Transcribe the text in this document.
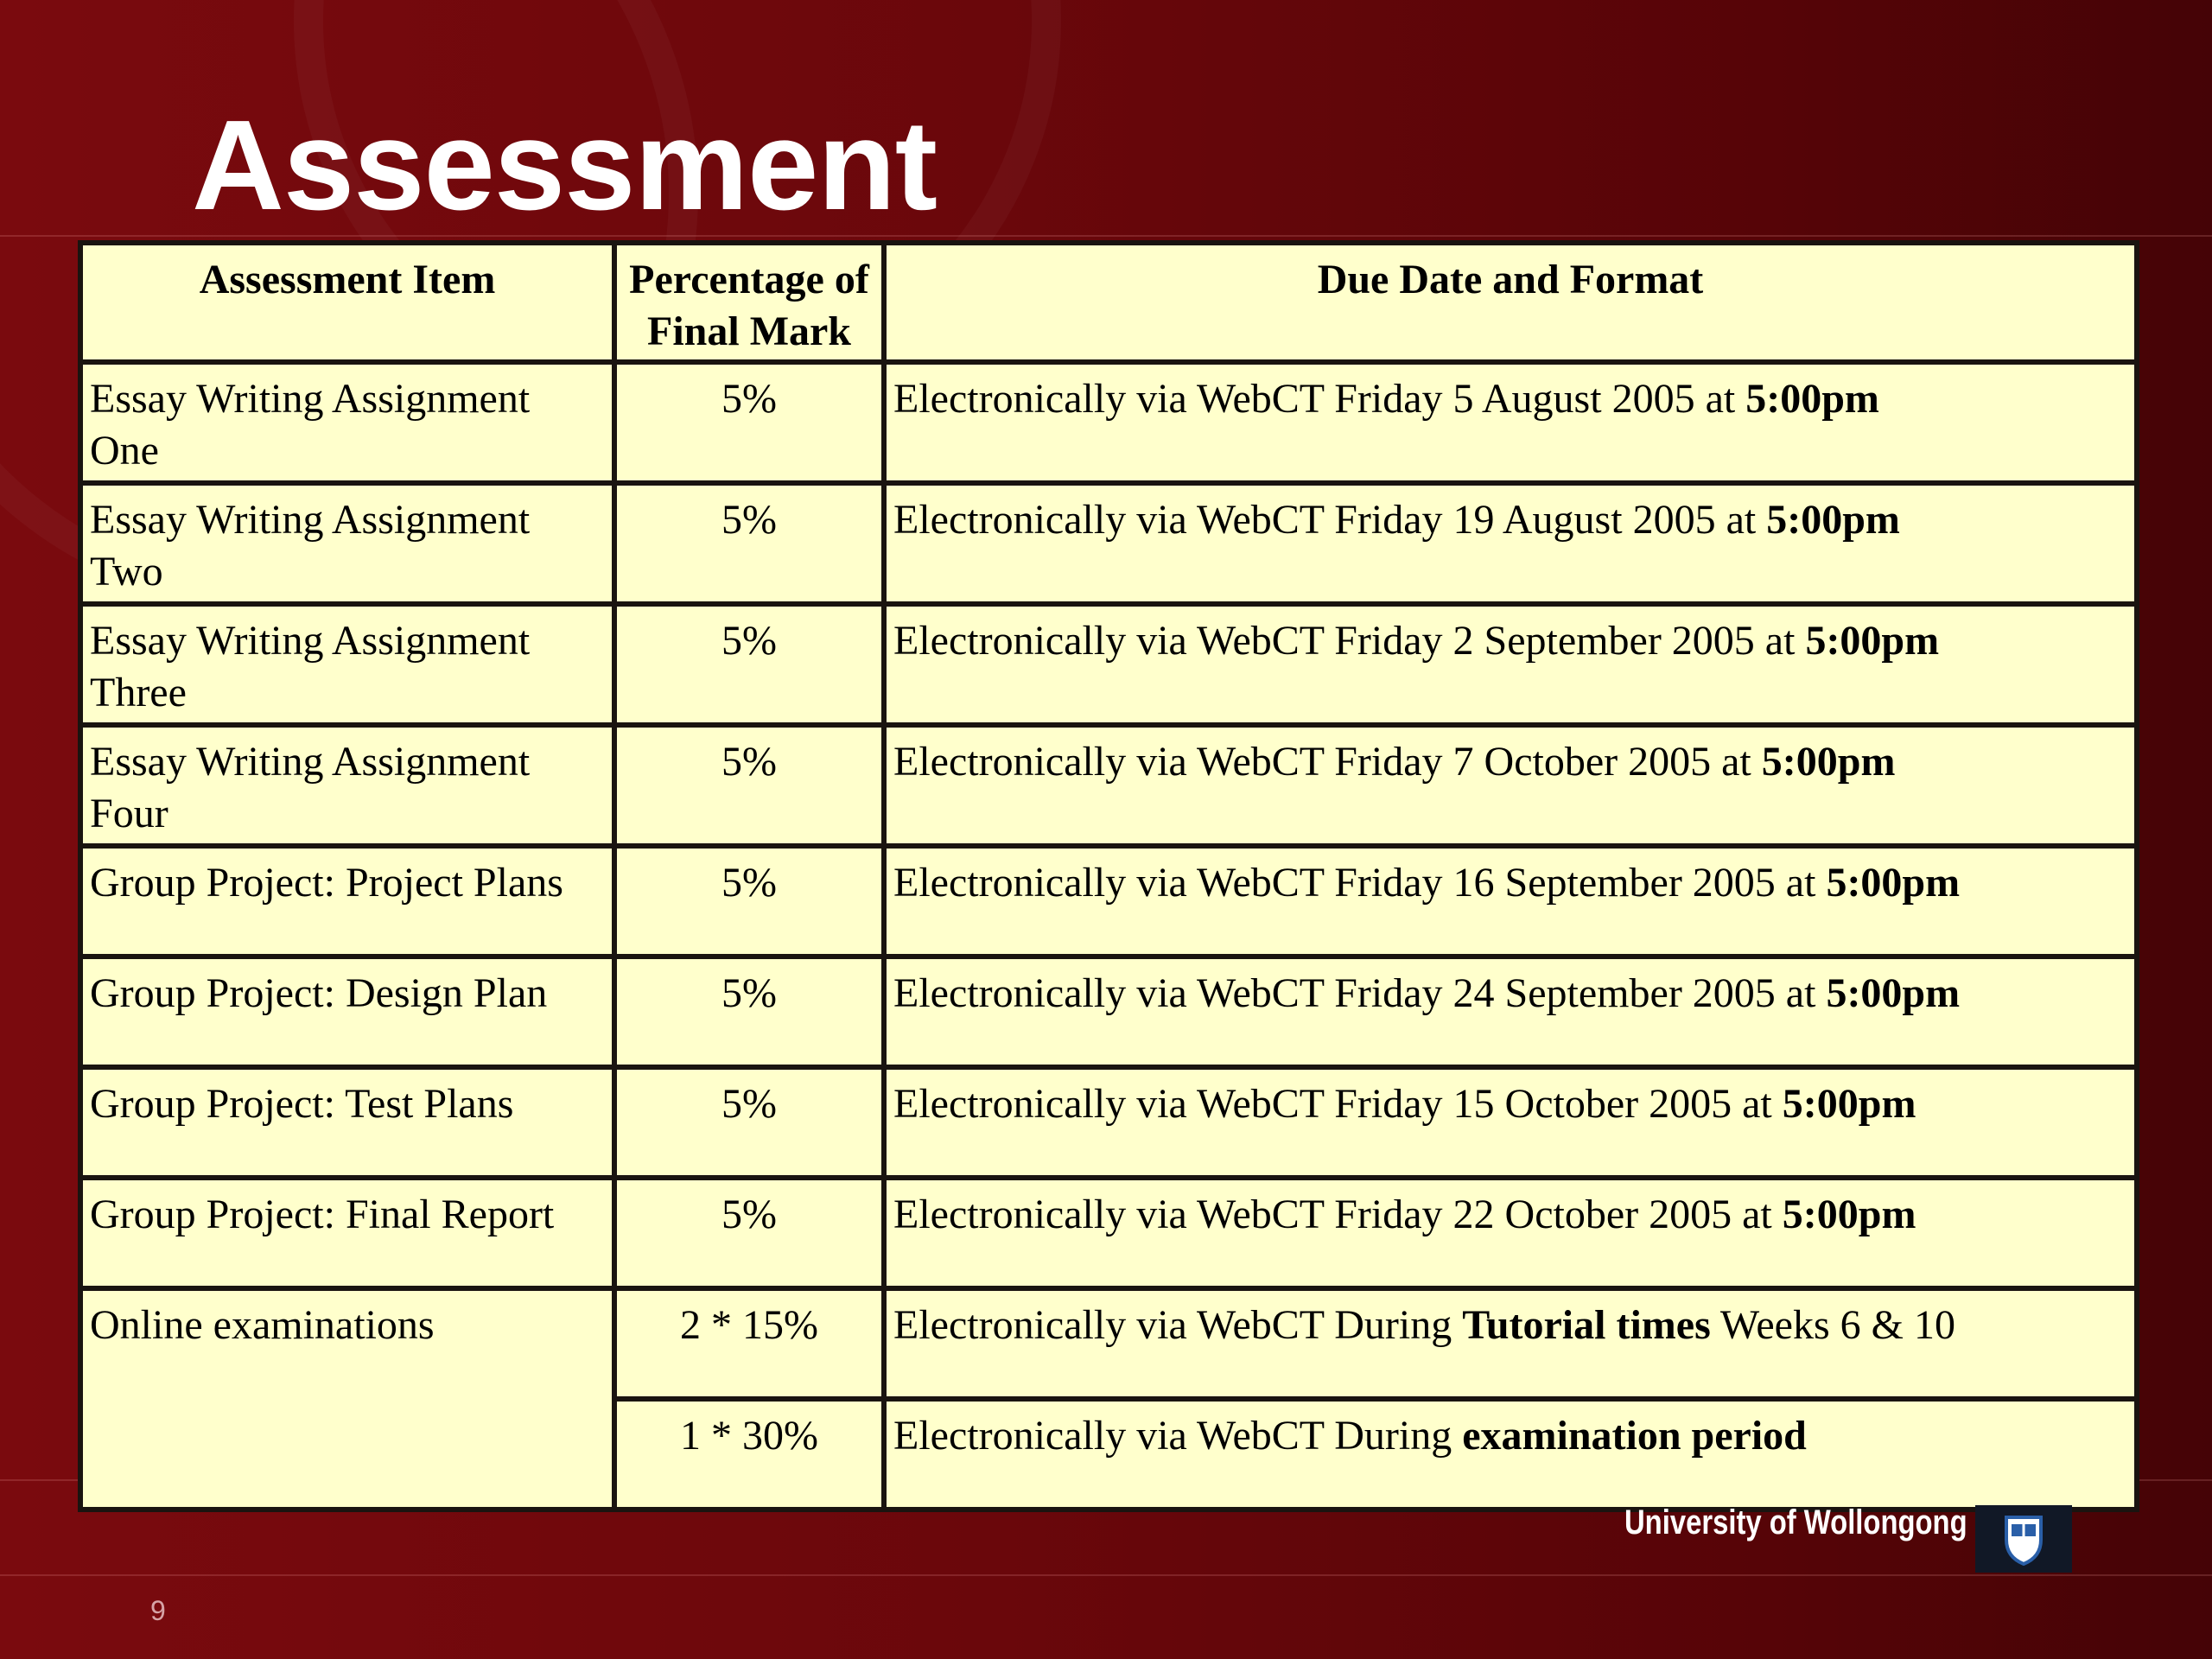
Assessment
Assessment Item	Percentage of Final Mark	Due Date and Format
Essay Writing Assignment One	5%	Electronically via WebCT Friday 5 August 2005 at 5:00pm
Essay Writing Assignment Two	5%	Electronically via WebCT Friday 19 August 2005 at 5:00pm
Essay Writing Assignment Three	5%	Electronically via WebCT Friday 2 September 2005 at 5:00pm
Essay Writing Assignment Four	5%	Electronically via WebCT Friday 7 October 2005 at 5:00pm
Group Project: Project Plans	5%	Electronically via WebCT Friday 16 September 2005 at 5:00pm
Group Project: Design Plan	5%	Electronically via WebCT Friday 24 September 2005 at 5:00pm
Group Project: Test Plans	5%	Electronically via WebCT Friday 15 October 2005 at 5:00pm
Group Project: Final Report	5%	Electronically via WebCT Friday 22 October 2005 at 5:00pm
Online examinations	2 * 15%	Electronically via WebCT During Tutorial times Weeks 6 & 10
	1 * 30%	Electronically via WebCT During examination period
University of Wollongong
9
